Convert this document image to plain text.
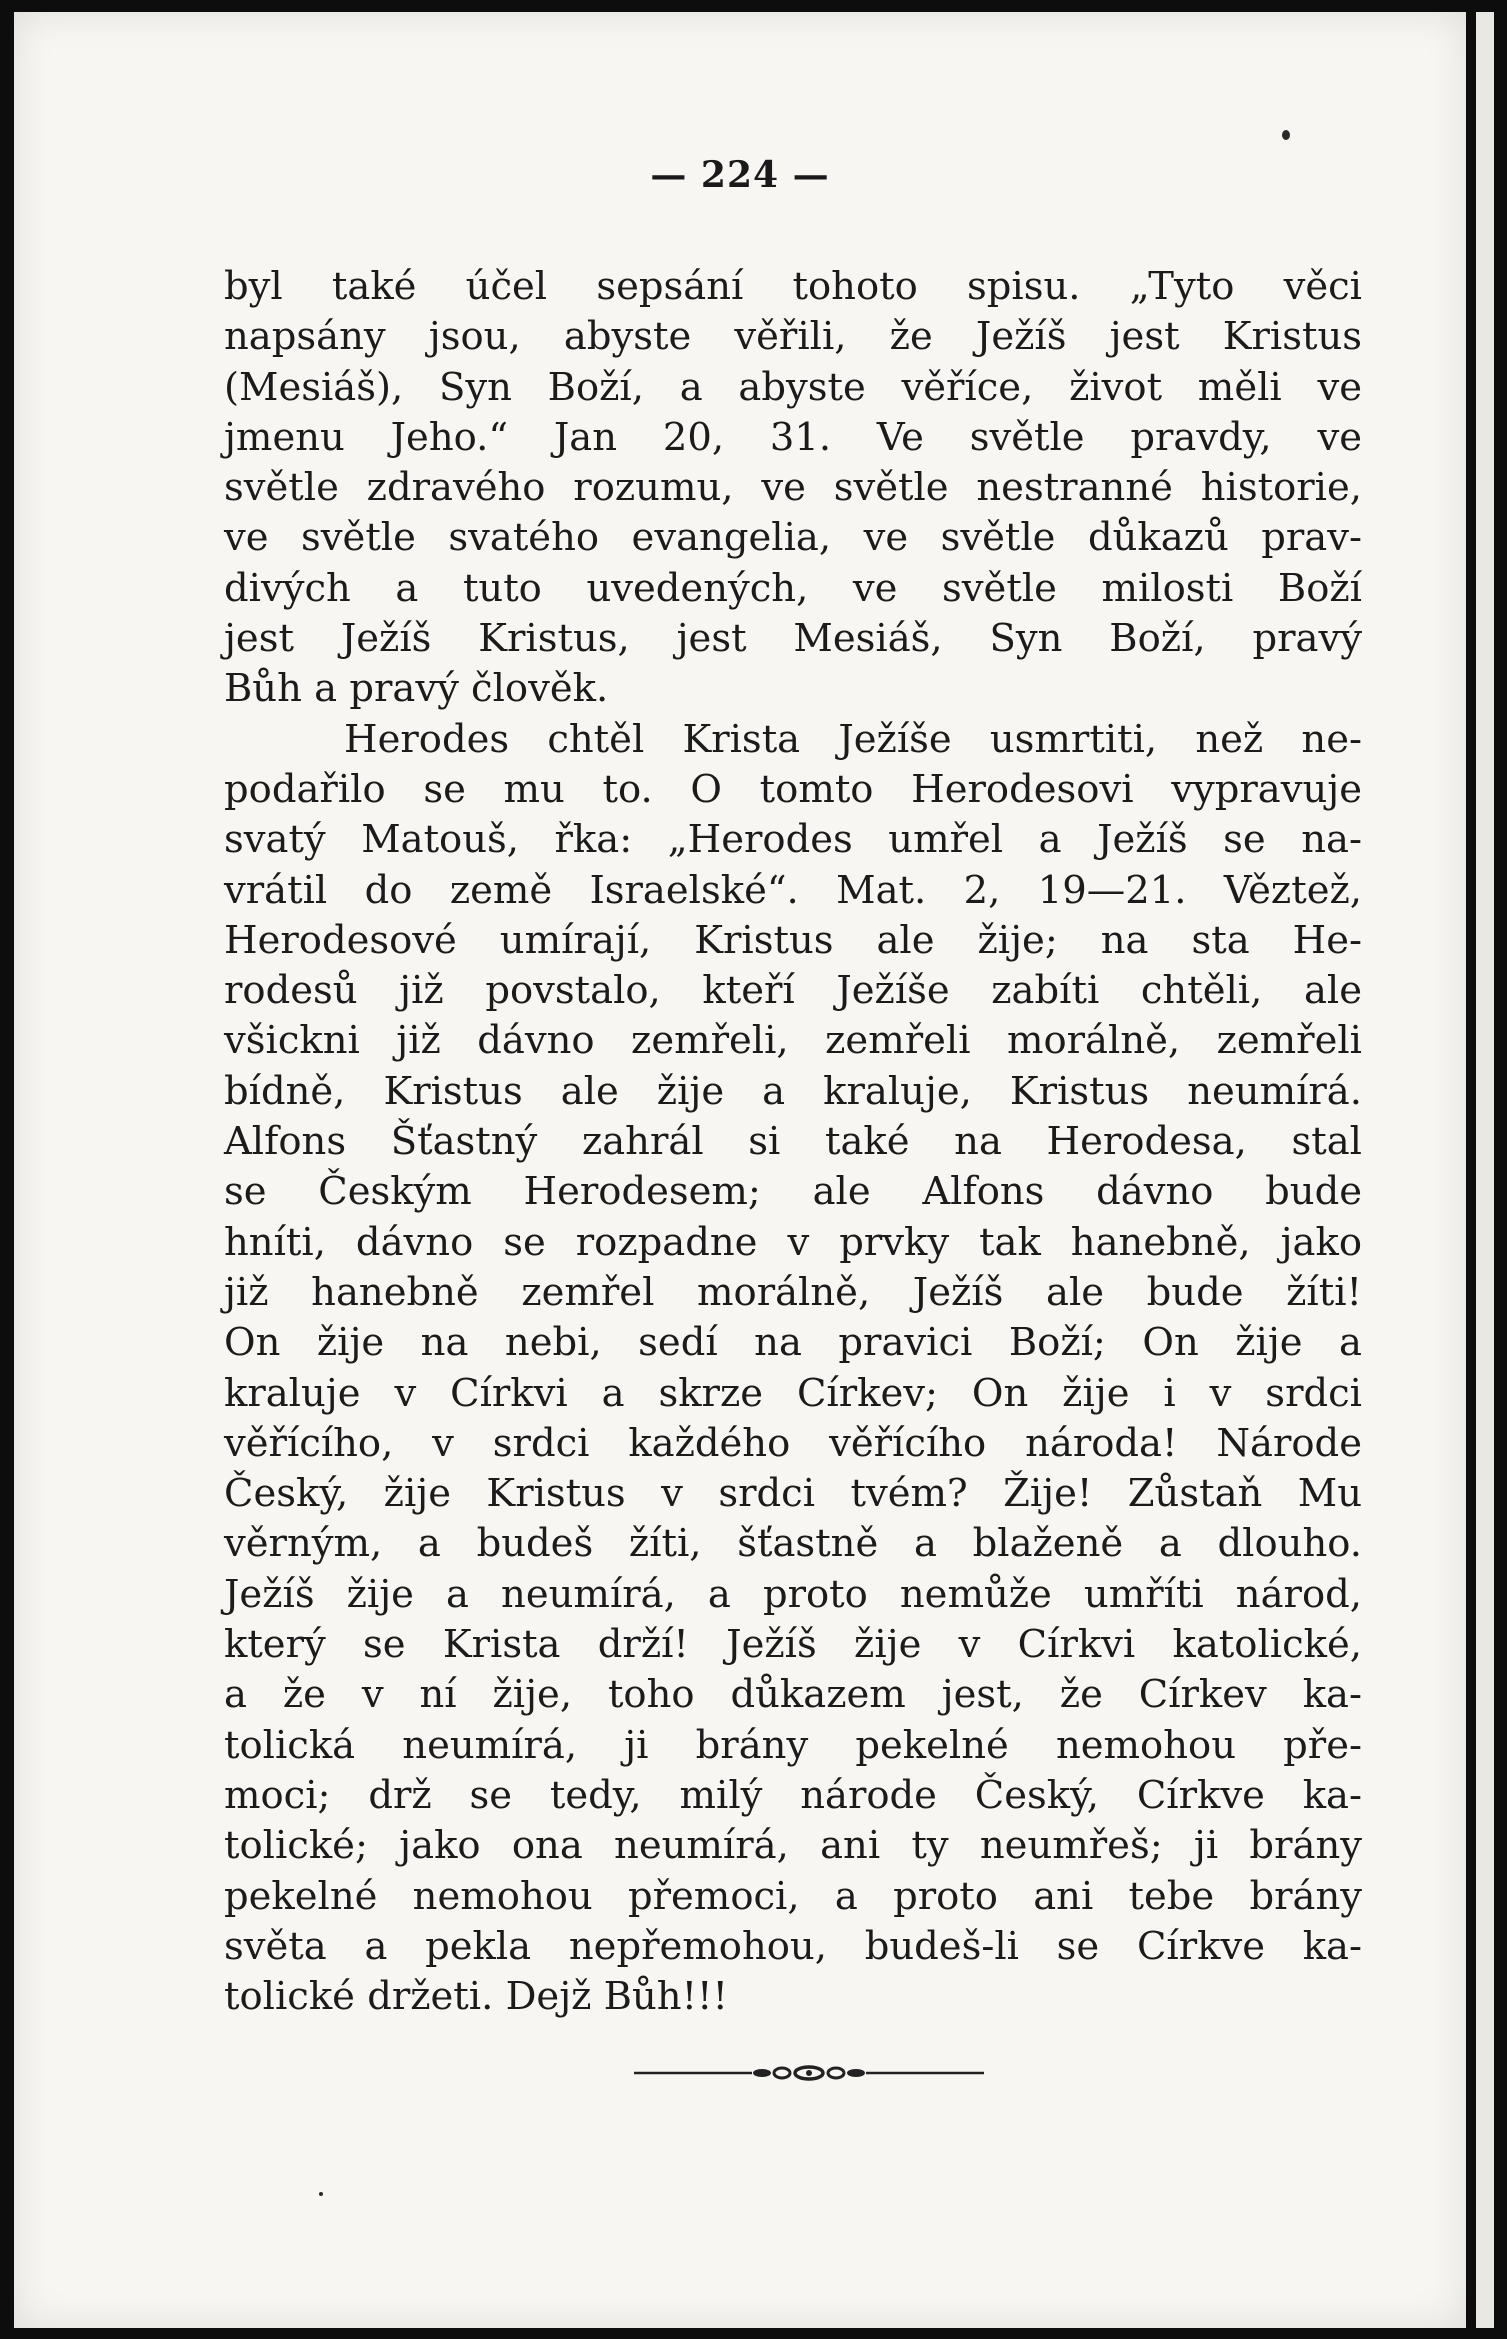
— 224 —
byl také účel sepsání tohoto spisu. „Tyto věci
napsány jsou, abyste věřili, že Ježíš jest Kristus
(Mesiáš), Syn Boží, a abyste věříce, život měli ve
jmenu Jeho.“ Jan 20, 31. Ve světle pravdy, ve
světle zdravého rozumu, ve světle nestranné historie,
ve světle svatého evangelia, ve světle důkazů prav-
divých a tuto uvedených, ve světle milosti Boží
jest Ježíš Kristus, jest Mesiáš, Syn Boží, pravý
Bůh a pravý člověk.
Herodes chtěl Krista Ježíše usmrtiti, než ne-
podařilo se mu to. O tomto Herodesovi vypravuje
svatý Matouš, řka: „Herodes umřel a Ježíš se na-
vrátil do země Israelské“. Mat. 2, 19—21. Věztež,
Herodesové umírají, Kristus ale žije; na sta He-
rodesů již povstalo, kteří Ježíše zabíti chtěli, ale
všickni již dávno zemřeli, zemřeli morálně, zemřeli
bídně, Kristus ale žije a kraluje, Kristus neumírá.
Alfons Šťastný zahrál si také na Herodesa, stal
se Českým Herodesem; ale Alfons dávno bude
hníti, dávno se rozpadne v prvky tak hanebně, jako
již hanebně zemřel morálně, Ježíš ale bude žíti!
On žije na nebi, sedí na pravici Boží; On žije a
kraluje v Církvi a skrze Církev; On žije i v srdci
věřícího, v srdci každého věřícího národa! Národe
Český, žije Kristus v srdci tvém? Žije! Zůstaň Mu
věrným, a budeš žíti, šťastně a blaženě a dlouho.
Ježíš žije a neumírá, a proto nemůže umříti národ,
který se Krista drží! Ježíš žije v Církvi katolické,
a že v ní žije, toho důkazem jest, že Církev ka-
tolická neumírá, ji brány pekelné nemohou pře-
moci; drž se tedy, milý národe Český, Církve ka-
tolické; jako ona neumírá, ani ty neumřeš; ji brány
pekelné nemohou přemoci, a proto ani tebe brány
světa a pekla nepřemohou, budeš-li se Církve ka-
tolické držeti. Dejž Bůh!!!
